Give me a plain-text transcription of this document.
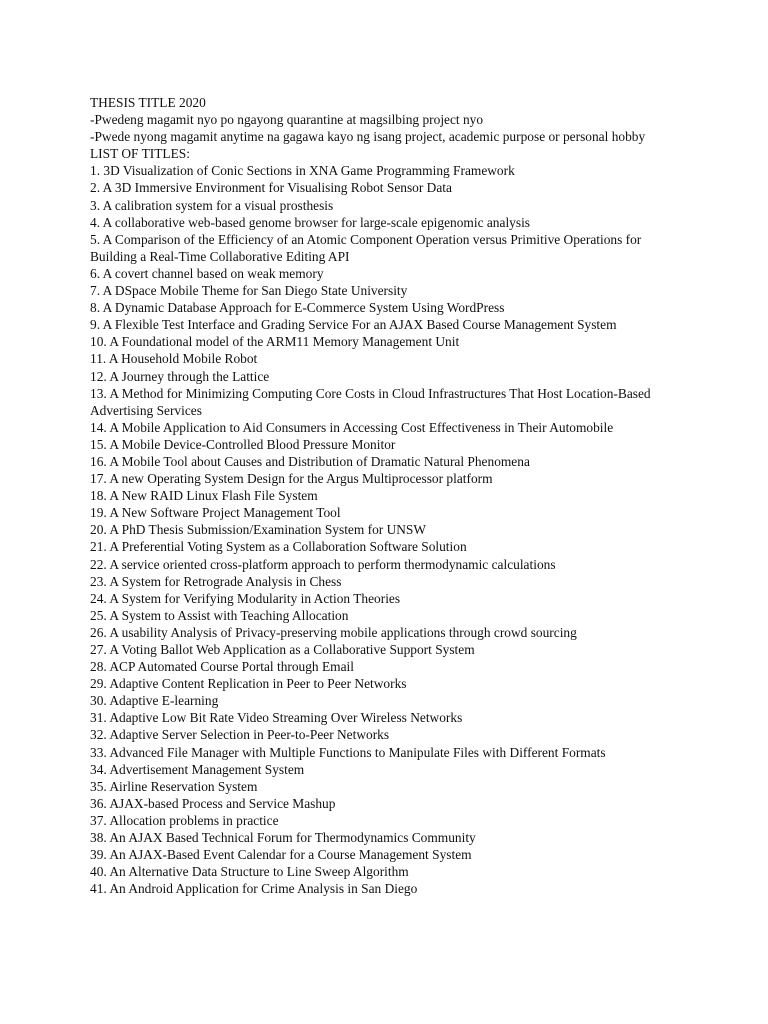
THESIS TITLE 2020
-Pwedeng magamit nyo po ngayong quarantine at magsilbing project nyo
-Pwede nyong magamit anytime na gagawa kayo ng isang project, academic purpose or personal hobby
LIST OF TITLES:
1. 3D Visualization of Conic Sections in XNA Game Programming Framework
2. A 3D Immersive Environment for Visualising Robot Sensor Data
3. A calibration system for a visual prosthesis
4. A collaborative web-based genome browser for large-scale epigenomic analysis
5. A Comparison of the Efficiency of an Atomic Component Operation versus Primitive Operations for Building a Real-Time Collaborative Editing API
6. A covert channel based on weak memory
7. A DSpace Mobile Theme for San Diego State University
8. A Dynamic Database Approach for E-Commerce System Using WordPress
9. A Flexible Test Interface and Grading Service For an AJAX Based Course Management System
10. A Foundational model of the ARM11 Memory Management Unit
11. A Household Mobile Robot
12. A Journey through the Lattice
13. A Method for Minimizing Computing Core Costs in Cloud Infrastructures That Host Location-Based Advertising Services
14. A Mobile Application to Aid Consumers in Accessing Cost Effectiveness in Their Automobile
15. A Mobile Device-Controlled Blood Pressure Monitor
16. A Mobile Tool about Causes and Distribution of Dramatic Natural Phenomena
17. A new Operating System Design for the Argus Multiprocessor platform
18. A New RAID Linux Flash File System
19. A New Software Project Management Tool
20. A PhD Thesis Submission/Examination System for UNSW
21. A Preferential Voting System as a Collaboration Software Solution
22. A service oriented cross-platform approach to perform thermodynamic calculations
23. A System for Retrograde Analysis in Chess
24. A System for Verifying Modularity in Action Theories
25. A System to Assist with Teaching Allocation
26. A usability Analysis of Privacy-preserving mobile applications through crowd sourcing
27. A Voting Ballot Web Application as a Collaborative Support System
28. ACP Automated Course Portal through Email
29. Adaptive Content Replication in Peer to Peer Networks
30. Adaptive E-learning
31. Adaptive Low Bit Rate Video Streaming Over Wireless Networks
32. Adaptive Server Selection in Peer-to-Peer Networks
33. Advanced File Manager with Multiple Functions to Manipulate Files with Different Formats
34. Advertisement Management System
35. Airline Reservation System
36. AJAX-based Process and Service Mashup
37. Allocation problems in practice
38. An AJAX Based Technical Forum for Thermodynamics Community
39. An AJAX-Based Event Calendar for a Course Management System
40. An Alternative Data Structure to Line Sweep Algorithm
41. An Android Application for Crime Analysis in San Diego
